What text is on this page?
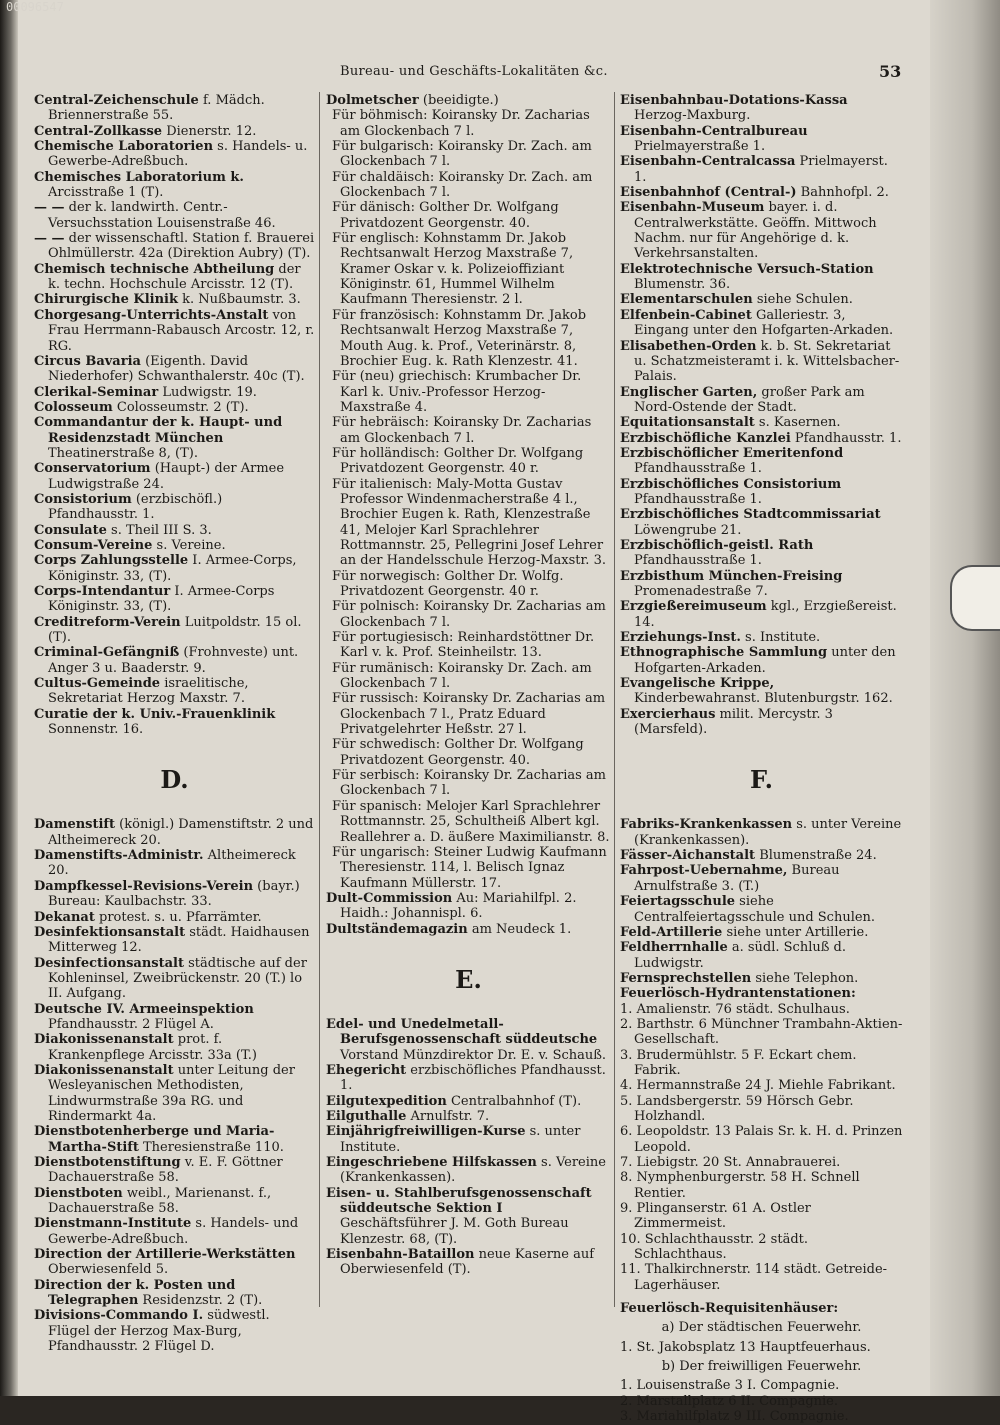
00096547
Bureau- und Geschäfts-Lokalitäten &c.	53

Central-Zeichenschule f. Mädch. Briennerstraße 55.

Central-Zollkasse Dienerstr. 12.

Chemische Laboratorien s. Handels- u. Gewerbe-Adreßbuch.

Chemisches Laboratorium k. Arcisstraße 1 (T).

— — der k. landwirth. Centr.-Versuchsstation Louisenstraße 46.

— — der wissenschaftl. Station f. Brauerei Ohlmüllerstr. 42a (Direktion Aubry) (T).

Chemisch technische Abtheilung der k. techn. Hochschule Arcisstr. 12 (T).

Chirurgische Klinik k. Nußbaumstr. 3.

Chorgesang-Unterrichts-Anstalt von Frau Herrmann-Rabausch Arcostr. 12, r. RG.

Circus Bavaria (Eigenth. David Niederhofer) Schwanthalerstr. 40c (T).

Clerikal-Seminar Ludwigstr. 19.

Colosseum Colosseumstr. 2 (T).

Commandantur der k. Haupt- und Residenzstadt München Theatinerstraße 8, (T).

Conservatorium (Haupt-) der Armee Ludwigstraße 24.

Consistorium (erzbischöfl.) Pfandhausstr. 1.

Consulate s. Theil III S. 3.

Consum-Vereine s. Vereine.

Corps Zahlungsstelle I. Armee-Corps, Königinstr. 33, (T).

Corps-Intendantur I. Armee-Corps Königinstr. 33, (T).

Creditreform-Verein Luitpoldstr. 15 ol. (T).

Criminal-Gefängniß (Frohnveste) unt. Anger 3 u. Baaderstr. 9.

Cultus-Gemeinde israelitische, Sekretariat Herzog Maxstr. 7.

Curatie der k. Univ.-Frauenklinik Sonnenstr. 16.

D.

Damenstift (königl.) Damenstiftstr. 2 und Altheimereck 20.

Damenstifts-Administr. Altheimereck 20.

Dampfkessel-Revisions-Verein (bayr.) Bureau: Kaulbachstr. 33.

Dekanat protest. s. u. Pfarrämter.

Desinfektionsanstalt städt. Haidhausen Mitterweg 12.

Desinfectionsanstalt städtische auf der Kohleninsel, Zweibrückenstr. 20 (T.) lo II. Aufgang.

Deutsche IV. Armeeinspektion Pfandhausstr. 2 Flügel A.

Diakonissenanstalt prot. f. Krankenpflege Arcisstr. 33a (T.)

Diakonissenanstalt unter Leitung der Wesleyanischen Methodisten, Lindwurmstraße 39a RG. und Rindermarkt 4a.

Dienstbotenherberge und Maria-Martha-Stift Theresienstraße 110.

Dienstbotenstiftung v. E. F. Göttner Dachauerstraße 58.

Dienstboten weibl., Marienanst. f., Dachauerstraße 58.

Dienstmann-Institute s. Handels- und Gewerbe-Adreßbuch.

Direction der Artillerie-Werkstätten Oberwiesenfeld 5.

Direction der k. Posten und Telegraphen Residenzstr. 2 (T).

Divisions-Commando I. südwestl. Flügel der Herzog Max-Burg, Pfandhausstr. 2 Flügel D.

Dolmetscher (beeidigte.)

Für böhmisch: Koiransky Dr. Zacharias am Glockenbach 7 l.

Für bulgarisch: Koiransky Dr. Zach. am Glockenbach 7 l.

Für chaldäisch: Koiransky Dr. Zach. am Glockenbach 7 l.

Für dänisch: Golther Dr. Wolfgang Privatdozent Georgenstr. 40.

Für englisch: Kohnstamm Dr. Jakob Rechtsanwalt Herzog Maxstraße 7, Kramer Oskar v. k. Polizeioffiziant Königinstr. 61, Hummel Wilhelm Kaufmann Theresienstr. 2 l.

Für französisch: Kohnstamm Dr. Jakob Rechtsanwalt Herzog Maxstraße 7, Mouth Aug. k. Prof., Veterinärstr. 8, Brochier Eug. k. Rath Klenzestr. 41.

Für (neu) griechisch: Krumbacher Dr. Karl k. Univ.-Professor Herzog-Maxstraße 4.

Für hebräisch: Koiransky Dr. Zacharias am Glockenbach 7 l.

Für holländisch: Golther Dr. Wolfgang Privatdozent Georgenstr. 40 r.

Für italienisch: Maly-Motta Gustav Professor Windenmacherstraße 4 l., Brochier Eugen k. Rath, Klenzestraße 41, Melojer Karl Sprachlehrer Rottmannstr. 25, Pellegrini Josef Lehrer an der Handelsschule Herzog-Maxstr. 3.

Für norwegisch: Golther Dr. Wolfg. Privatdozent Georgenstr. 40 r.

Für polnisch: Koiransky Dr. Zacharias am Glockenbach 7 l.

Für portugiesisch: Reinhardstöttner Dr. Karl v. k. Prof. Steinheilstr. 13.

Für rumänisch: Koiransky Dr. Zach. am Glockenbach 7 l.

Für russisch: Koiransky Dr. Zacharias am Glockenbach 7 l., Pratz Eduard Privatgelehrter Heßstr. 27 l.

Für schwedisch: Golther Dr. Wolfgang Privatdozent Georgenstr. 40.

Für serbisch: Koiransky Dr. Zacharias am Glockenbach 7 l.

Für spanisch: Melojer Karl Sprachlehrer Rottmannstr. 25, Schultheiß Albert kgl. Reallehrer a. D. äußere Maximilianstr. 8.

Für ungarisch: Steiner Ludwig Kaufmann Theresienstr. 114, l. Belisch Ignaz Kaufmann Müllerstr. 17.

Dult-Commission Au: Mariahilfpl. 2. Haidh.: Johannispl. 6.

Dultständemagazin am Neudeck 1.

E.

Edel- und Unedelmetall-Berufsgenossenschaft süddeutsche Vorstand Münzdirektor Dr. E. v. Schauß.

Ehegericht erzbischöfliches Pfandhausst. 1.

Eilgutexpedition Centralbahnhof (T).

Eilguthalle Arnulfstr. 7.

Einjährigfreiwilligen-Kurse s. unter Institute.

Eingeschriebene Hilfskassen s. Vereine (Krankenkassen).

Eisen- u. Stahlberufsgenossenschaft süddeutsche Sektion I Geschäftsführer J. M. Goth Bureau Klenzestr. 68, (T).

Eisenbahn-Bataillon neue Kaserne auf Oberwiesenfeld (T).

Eisenbahnbau-Dotations-Kassa Herzog-Maxburg.

Eisenbahn-Centralbureau Prielmayerstraße 1.

Eisenbahn-Centralcassa Prielmayerst. 1.

Eisenbahnhof (Central-) Bahnhofpl. 2.

Eisenbahn-Museum bayer. i. d. Centralwerkstätte. Geöffn. Mittwoch Nachm. nur für Angehörige d. k. Verkehrsanstalten.

Elektrotechnische Versuch-Station Blumenstr. 36.

Elementarschulen siehe Schulen.

Elfenbein-Cabinet Galleriestr. 3, Eingang unter den Hofgarten-Arkaden.

Elisabethen-Orden k. b. St. Sekretariat u. Schatzmeisteramt i. k. Wittelsbacher-Palais.

Englischer Garten, großer Park am Nord-Ostende der Stadt.

Equitationsanstalt s. Kasernen.

Erzbischöfliche Kanzlei Pfandhausstr. 1.

Erzbischöflicher Emeritenfond Pfandhausstraße 1.

Erzbischöfliches Consistorium Pfandhausstraße 1.

Erzbischöfliches Stadtcommissariat Löwengrube 21.

Erzbischöflich-geistl. Rath Pfandhausstraße 1.

Erzbisthum München-Freising Promenadestraße 7.

Erzgießereimuseum kgl., Erzgießereist. 14.

Erziehungs-Inst. s. Institute.

Ethnographische Sammlung unter den Hofgarten-Arkaden.

Evangelische Krippe, Kinderbewahranst. Blutenburgstr. 162.

Exercierhaus milit. Mercystr. 3 (Marsfeld).

F.

Fabriks-Krankenkassen s. unter Vereine (Krankenkassen).

Fässer-Aichanstalt Blumenstraße 24.

Fahrpost-Uebernahme, Bureau Arnulfstraße 3. (T.)

Feiertagsschule siehe Centralfeiertagsschule und Schulen.

Feld-Artillerie siehe unter Artillerie.

Feldherrnhalle a. südl. Schluß d. Ludwigstr.

Fernsprechstellen siehe Telephon.

Feuerlösch-Hydrantenstationen:

1. Amalienstr. 76 städt. Schulhaus.

2. Barthstr. 6 Münchner Trambahn-Aktien-Gesellschaft.

3. Brudermühlstr. 5 F. Eckart chem. Fabrik.

4. Hermannstraße 24 J. Miehle Fabrikant.

5. Landsbergerstr. 59 Hörsch Gebr. Holzhandl.

6. Leopoldstr. 13 Palais Sr. k. H. d. Prinzen Leopold.

7. Liebigstr. 20 St. Annabrauerei.

8. Nymphenburgerstr. 58 H. Schnell Rentier.

9. Plinganserstr. 61 A. Ostler Zimmermeist.

10. Schlachthausstr. 2 städt. Schlachthaus.

11. Thalkirchnerstr. 114 städt. Getreide-Lagerhäuser.

Feuerlösch-Requisitenhäuser:
a) Der städtischen Feuerwehr.

1. St. Jakobsplatz 13 Hauptfeuerhaus.

b) Der freiwilligen Feuerwehr.

1. Louisenstraße 3 I. Compagnie.

2. Marstallplatz 6 II. Compagnie.

3. Mariahilfplatz 9 III. Compagnie.
